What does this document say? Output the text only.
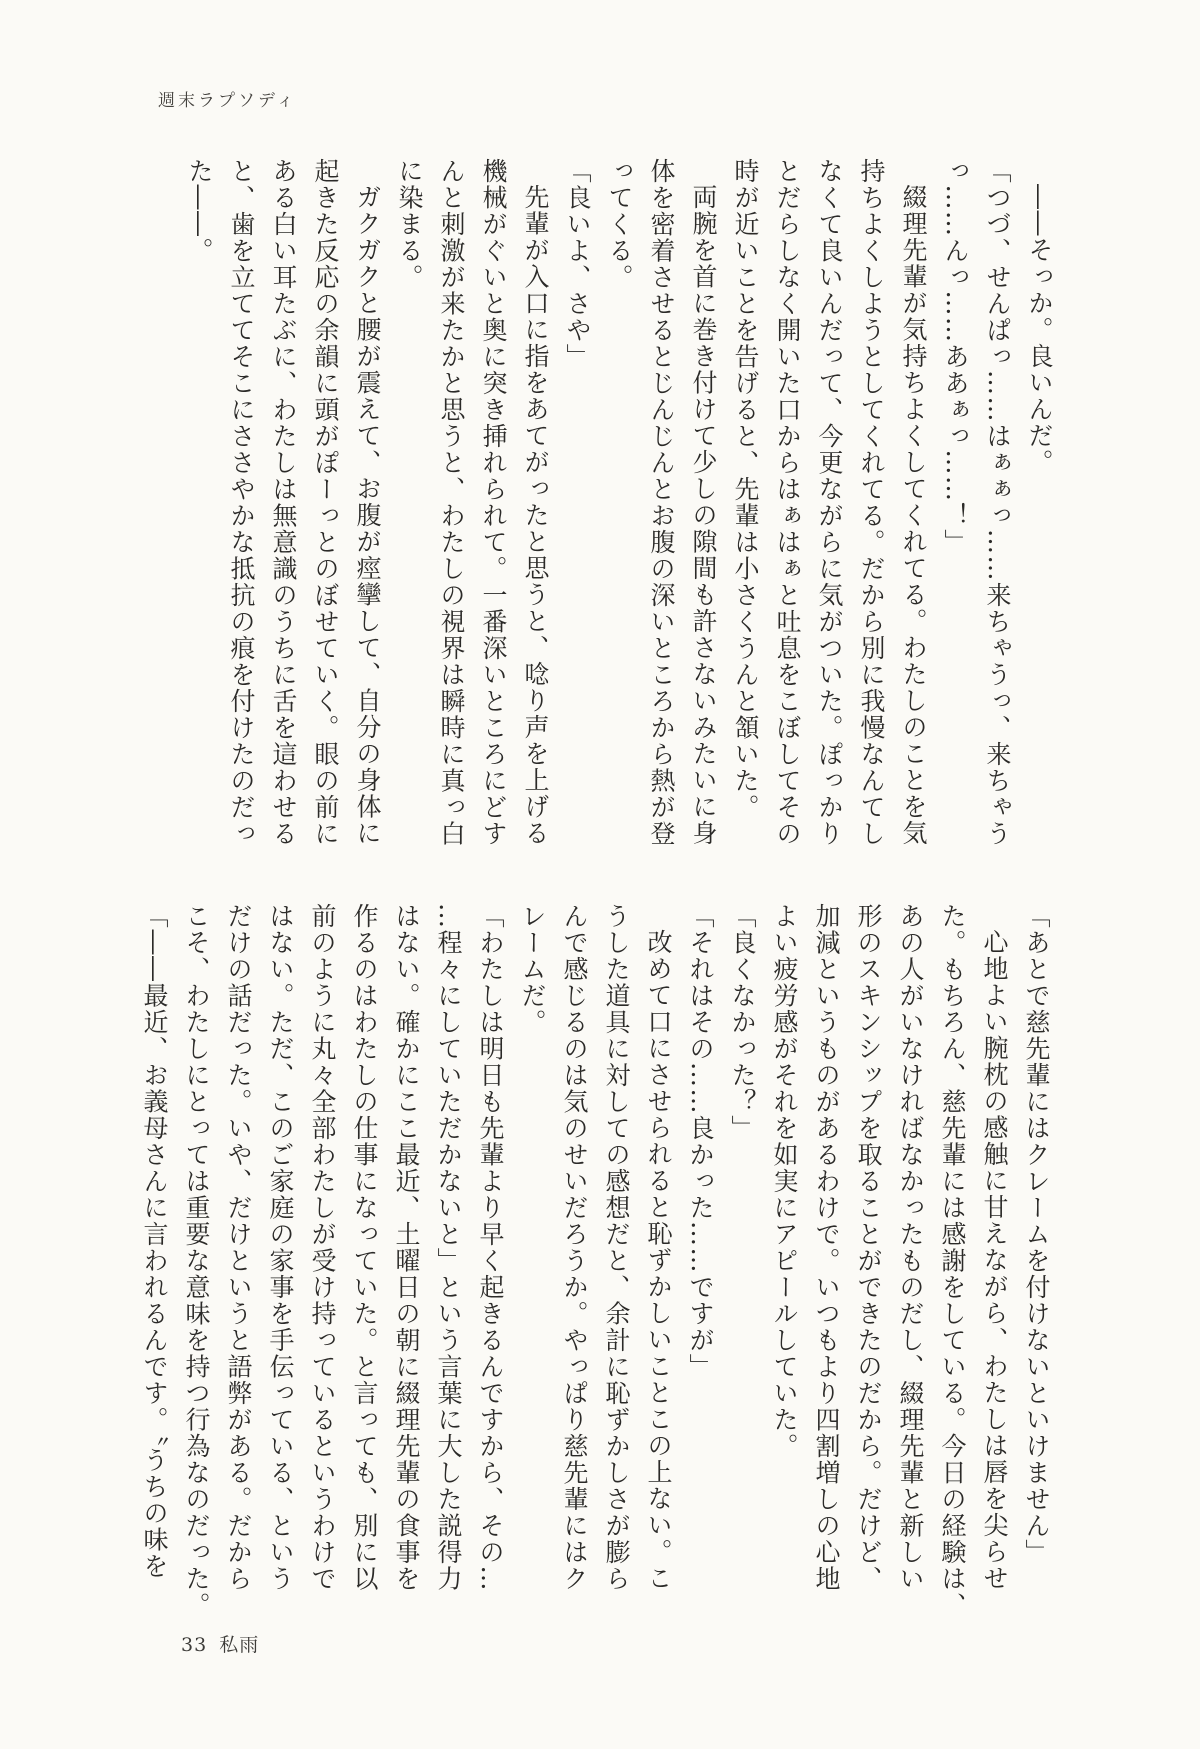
週末ラプソディ
――そっか。良いんだ。
「つづ、せんぱっ……はぁぁっ……来ちゃうっ、来ちゃう
っ……んっ……ああぁっ……！」
綴理先輩が気持ちよくしてくれてる。わたしのことを気
持ちよくしようとしてくれてる。だから別に我慢なんてし
なくて良いんだって、今更ながらに気がついた。ぽっかり
とだらしなく開いた口からはぁはぁと吐息をこぼしてその
時が近いことを告げると、先輩は小さくうんと頷いた。
両腕を首に巻き付けて少しの隙間も許さないみたいに身
体を密着させるとじんじんとお腹の深いところから熱が登
ってくる。
「良いよ、さや」
先輩が入口に指をあてがったと思うと、唸り声を上げる
機械がぐいと奥に突き挿れられて。一番深いところにどす
んと刺激が来たかと思うと、わたしの視界は瞬時に真っ白
に染まる。
ガクガクと腰が震えて、お腹が痙攣して、自分の身体に
起きた反応の余韻に頭がぽーっとのぼせていく。眼の前に
ある白い耳たぶに、わたしは無意識のうちに舌を這わせる
と、歯を立ててそこにささやかな抵抗の痕を付けたのだっ
た――。
「あとで慈先輩にはクレームを付けないといけません」
心地よい腕枕の感触に甘えながら、わたしは唇を尖らせ
た。もちろん、慈先輩には感謝をしている。今日の経験は、
あの人がいなければなかったものだし、綴理先輩と新しい
形のスキンシップを取ることができたのだから。だけど、
加減というものがあるわけで。いつもより四割増しの心地
よい疲労感がそれを如実にアピールしていた。
「良くなかった？」
「それはその……良かった……ですが」
改めて口にさせられると恥ずかしいことこの上ない。こ
うした道具に対しての感想だと、余計に恥ずかしさが膨ら
んで感じるのは気のせいだろうか。やっぱり慈先輩にはク
レームだ。
「わたしは明日も先輩より早く起きるんですから、その…
…程々にしていただかないと」という言葉に大した説得力
はない。確かにここ最近、土曜日の朝に綴理先輩の食事を
作るのはわたしの仕事になっていた。と言っても、別に以
前のように丸々全部わたしが受け持っているというわけで
はない。ただ、このご家庭の家事を手伝っている、という
だけの話だった。いや、だけというと語弊がある。だから
こそ、わたしにとっては重要な意味を持つ行為なのだった。
「――最近、お義母さんに言われるんです。〝うちの味を
33 私雨
